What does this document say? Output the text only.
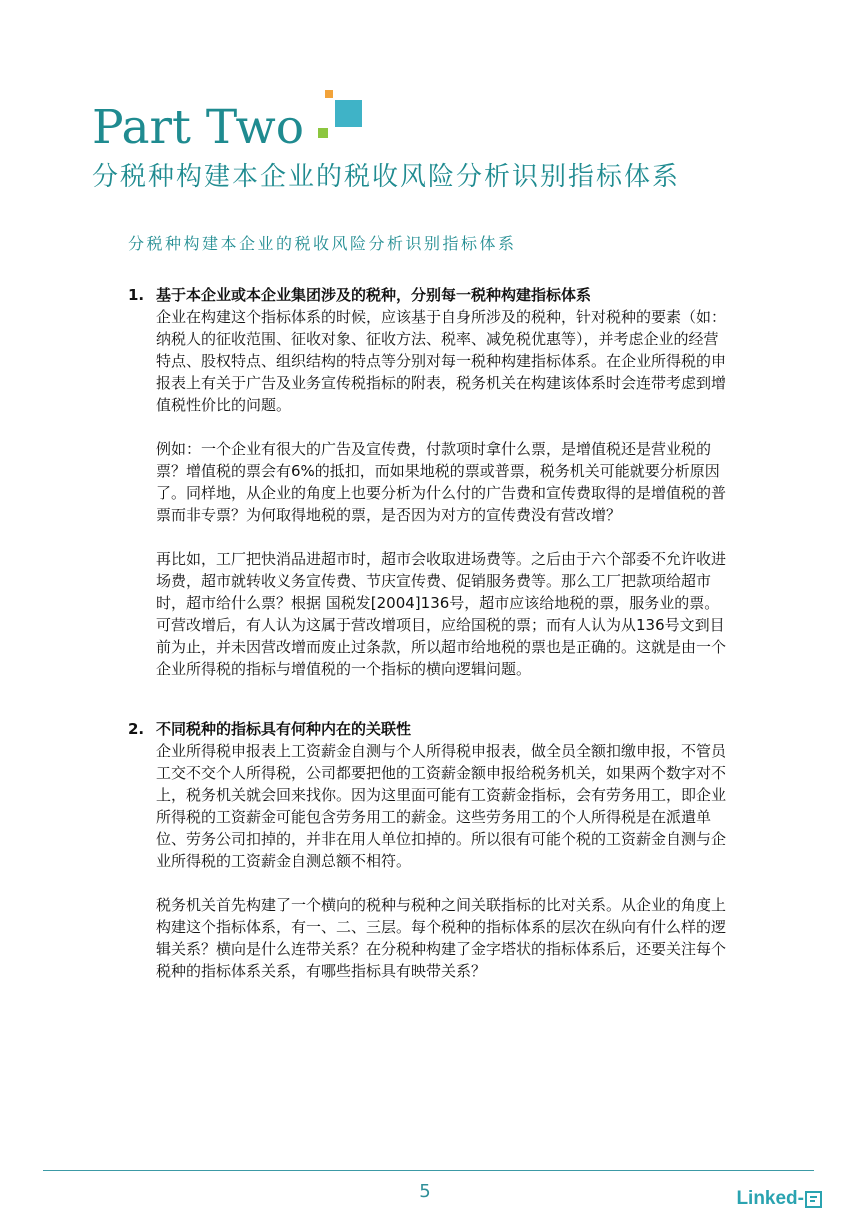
Part Two
分税种构建本企业的税收风险分析识别指标体系
分税种构建本企业的税收风险分析识别指标体系
1. 基于本企业或本企业集团涉及的税种，分别每一税种构建指标体系

企业在构建这个指标体系的时候，应该基于自身所涉及的税种，针对税种的要素（如：纳税人的征收范围、征收对象、征收方法、税率、减免税优惠等），并考虑企业的经营特点、股权特点、组织结构的特点等分别对每一税种构建指标体系。在企业所得税的申报表上有关于广告及业务宣传税指标的附表，税务机关在构建该体系时会连带考虑到增值税性价比的问题。

例如：一个企业有很大的广告及宣传费，付款项时拿什么票，是增值税还是营业税的票？增值税的票会有6%的抵扣，而如果地税的票或普票，税务机关可能就要分析原因了。同样地，从企业的角度上也要分析为什么付的广告费和宣传费取得的是增值税的普票而非专票？为何取得地税的票，是否因为对方的宣传费没有营改增？

再比如，工厂把快消品进超市时，超市会收取进场费等。之后由于六个部委不允许收进场费，超市就转收义务宣传费、节庆宣传费、促销服务费等。那么工厂把款项给超市时，超市给什么票？根据 国税发[2004]136号，超市应该给地税的票，服务业的票。可营改增后，有人认为这属于营改增项目，应给国税的票；而有人认为从136号文到目前为止，并未因营改增而废止过条款，所以超市给地税的票也是正确的。这就是由一个企业所得税的指标与增值税的一个指标的横向逻辑问题。

2. 不同税种的指标具有何种内在的关联性

企业所得税申报表上工资薪金自测与个人所得税申报表，做全员全额扣缴申报，不管员工交不交个人所得税，公司都要把他的工资薪金额申报给税务机关，如果两个数字对不上，税务机关就会回来找你。因为这里面可能有工资薪金指标，会有劳务用工，即企业所得税的工资薪金可能包含劳务用工的薪金。这些劳务用工的个人所得税是在派遣单位、劳务公司扣掉的，并非在用人单位扣掉的。所以很有可能个税的工资薪金自测与企业所得税的工资薪金自测总额不相符。

税务机关首先构建了一个横向的税种与税种之间关联指标的比对关系。从企业的角度上构建这个指标体系，有一、二、三层。每个税种的指标体系的层次在纵向有什么样的逻辑关系？横向是什么连带关系？在分税种构建了金字塔状的指标体系后，还要关注每个税种的指标体系关系，有哪些指标具有映带关系？

5	Linked-
